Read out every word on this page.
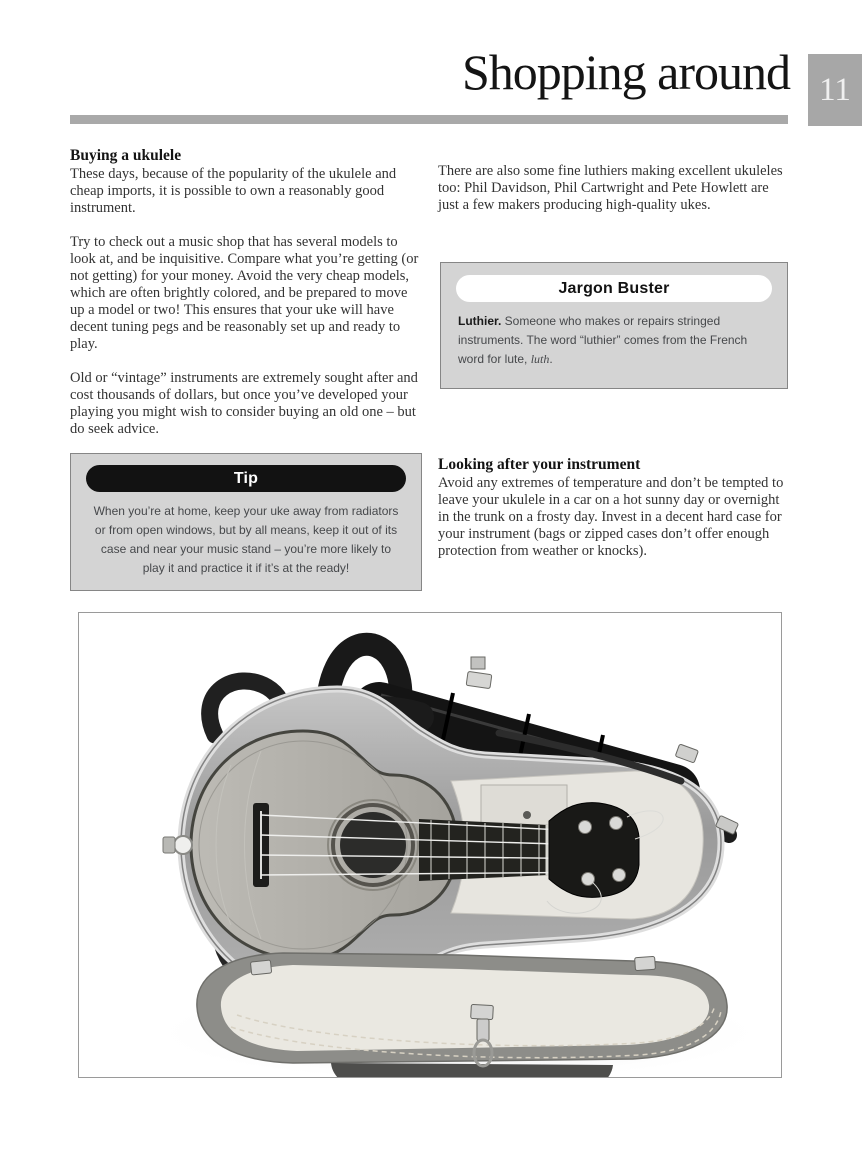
Shopping around 11
Buying a ukulele

These days, because of the popularity of the ukulele and cheap imports, it is possible to own a reasonably good instrument.

Try to check out a music shop that has several models to look at, and be inquisitive. Compare what you’re getting (or not getting) for your money. Avoid the very cheap models, which are often brightly colored, and be prepared to move up a model or two! This ensures that your uke will have decent tuning pegs and be reasonably set up and ready to play.

Old or “vintage” instruments are extremely sought after and cost thousands of dollars, but once you’ve developed your playing you might wish to consider buying an old one – but do seek advice.

Tip
When you’re at home, keep your uke away from radiators or from open windows, but by all means, keep it out of its case and near your music stand – you’re more likely to play it and practice it if it’s at the ready!

There are also some fine luthiers making excellent ukuleles too: Phil Davidson, Phil Cartwright and Pete Howlett are just a few makers producing high-quality ukes.

Jargon Buster
Luthier. Someone who makes or repairs stringed instruments. The word “luthier” comes from the French word for lute, luth.
Looking after your instrument

Avoid any extremes of temperature and don’t be tempted to leave your ukulele in a car on a hot sunny day or overnight in the trunk on a frosty day. Invest in a decent hard case for your instrument (bags or zipped cases don’t offer enough protection from weather or knocks).
